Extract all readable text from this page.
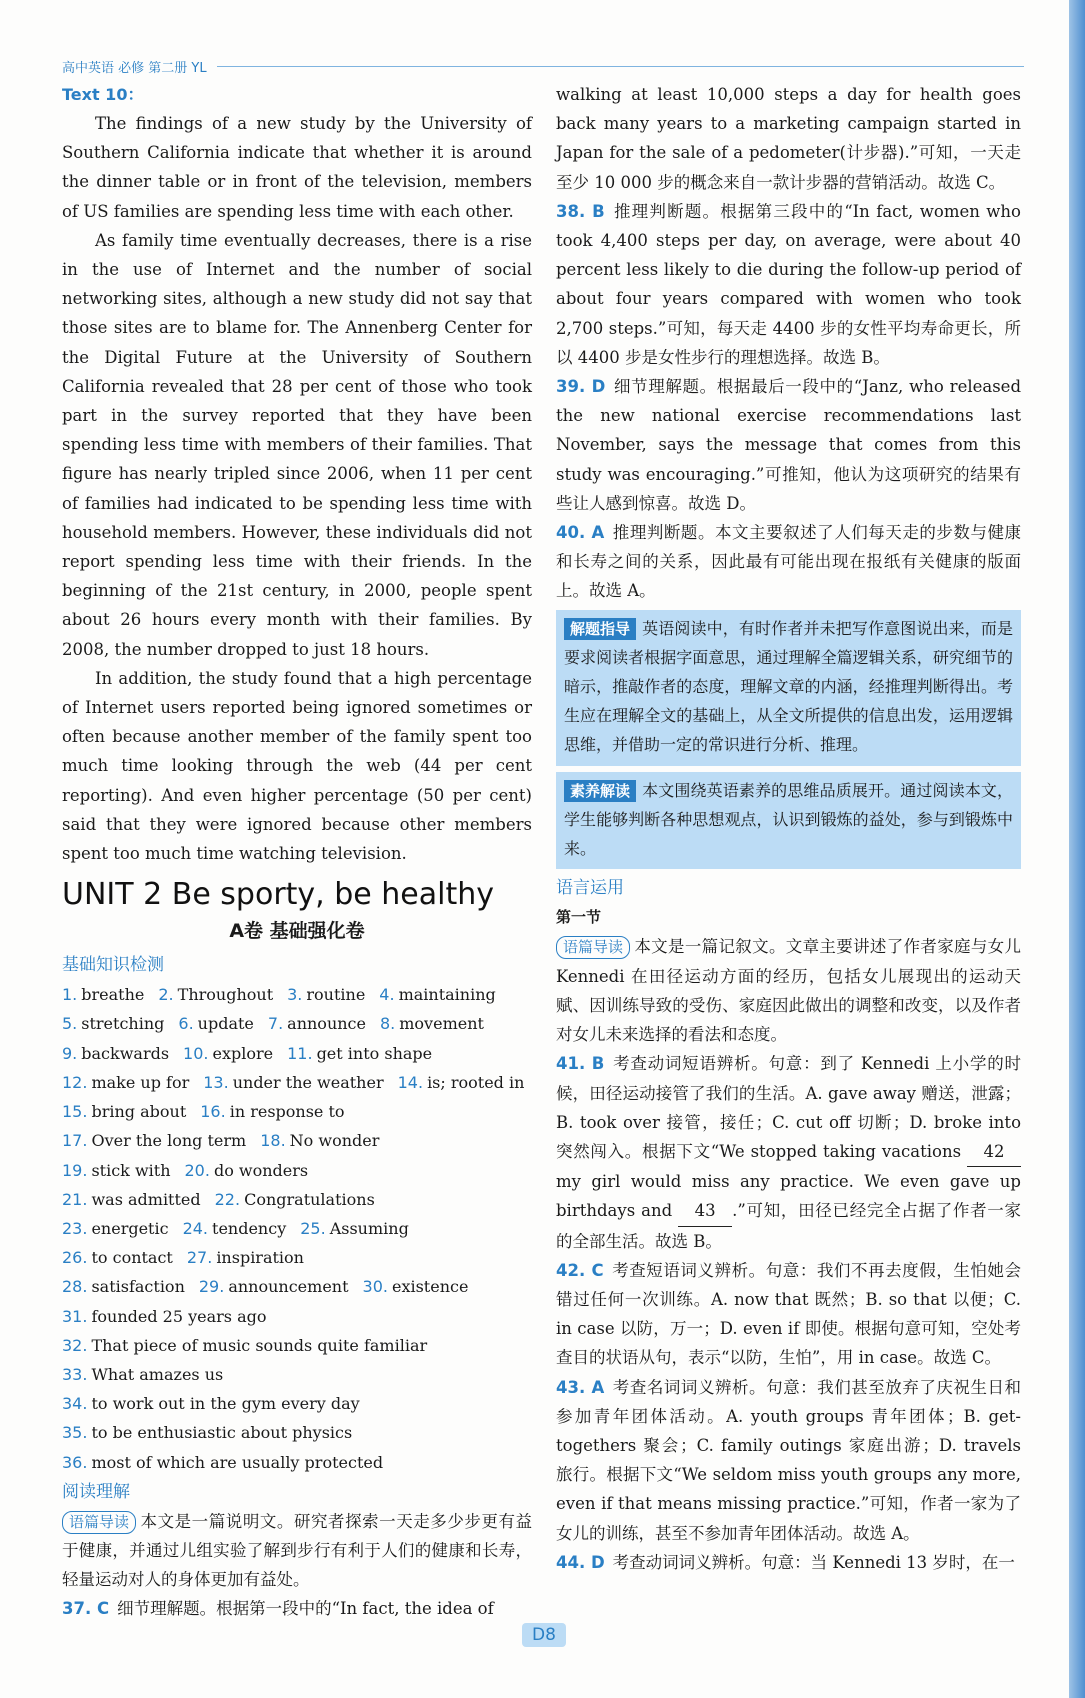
高中英语 必修 第二册 YL
Text 10：

The findings of a new study by the University of Southern California indicate that whether it is around the dinner table or in front of the television, members of US families are spending less time with each other.

As family time eventually decreases, there is a rise in the use of Internet and the number of social networking sites, although a new study did not say that those sites are to blame for. The Annenberg Center for the Digital Future at the University of Southern California revealed that 28 per cent of those who took part in the survey reported that they have been spending less time with members of their families. That figure has nearly tripled since 2006, when 11 per cent of families had indicated to be spending less time with household members. However, these individuals did not report spending less time with their friends. In the beginning of the 21st century, in 2000, people spent about 26 hours every month with their families. By 2008, the number dropped to just 18 hours.

In addition, the study found that a high percentage of Internet users reported being ignored sometimes or often because another member of the family spent too much time looking through the web (44 per cent reporting). And even higher percentage (50 per cent) said that they were ignored because other members spent too much time watching television.

UNIT 2 Be sporty, be healthy
A卷 基础强化卷
基础知识检测
1. breathe 2. Throughout 3. routine 4. maintaining
5. stretching 6. update 7. announce 8. movement
9. backwards 10. explore 11. get into shape
12. make up for 13. under the weather 14. is; rooted in
15. bring about 16. in response to
17. Over the long term 18. No wonder
19. stick with 20. do wonders
21. was admitted 22. Congratulations
23. energetic 24. tendency 25. Assuming
26. to contact 27. inspiration
28. satisfaction 29. announcement 30. existence
31. founded 25 years ago
32. That piece of music sounds quite familiar
33. What amazes us
34. to work out in the gym every day
35. to be enthusiastic about physics
36. most of which are usually protected
阅读理解
语篇导读 本文是一篇说明文。研究者探索一天走多少步更有益于健康，并通过儿组实验了解到步行有利于人们的健康和长寿，轻量运动对人的身体更加有益处。
37. C 细节理解题。根据第一段中的“In fact, the idea of
walking at least 10,000 steps a day for health goes back many years to a marketing campaign started in Japan for the sale of a pedometer(计步器).”可知，一天走至少 10 000 步的概念来自一款计步器的营销活动。故选 C。
38. B 推理判断题。根据第三段中的“In fact, women who took 4,400 steps per day, on average, were about 40 percent less likely to die during the follow-up period of about four years compared with women who took 2,700 steps.”可知，每天走 4400 步的女性平均寿命更长，所以 4400 步是女性步行的理想选择。故选 B。
39. D 细节理解题。根据最后一段中的“Janz, who released the new national exercise recommendations last November, says the message that comes from this study was encouraging.”可推知，他认为这项研究的结果有些让人感到惊喜。故选 D。
40. A 推理判断题。本文主要叙述了人们每天走的步数与健康和长寿之间的关系，因此最有可能出现在报纸有关健康的版面上。故选 A。
解题指导 英语阅读中，有时作者并未把写作意图说出来，而是要求阅读者根据字面意思，通过理解全篇逻辑关系，研究细节的暗示，推敲作者的态度，理解文章的内涵，经推理判断得出。考生应在理解全文的基础上，从全文所提供的信息出发，运用逻辑思维，并借助一定的常识进行分析、推理。
素养解读 本文围绕英语素养的思维品质展开。通过阅读本文，学生能够判断各种思想观点，认识到锻炼的益处，参与到锻炼中来。
语言运用
第一节
语篇导读 本文是一篇记叙文。文章主要讲述了作者家庭与女儿 Kennedi 在田径运动方面的经历，包括女儿展现出的运动天赋、因训练导致的受伤、家庭因此做出的调整和改变，以及作者对女儿未来选择的看法和态度。
41. B 考查动词短语辨析。句意：到了 Kennedi 上小学的时候，田径运动接管了我们的生活。A. gave away 赠送，泄露；B. took over 接管，接任；C. cut off 切断；D. broke into 突然闯入。根据下文“We stopped taking vacations 42 my girl would miss any practice. We even gave up birthdays and 43 .”可知，田径已经完全占据了作者一家的全部生活。故选 B。
42. C 考查短语词义辨析。句意：我们不再去度假，生怕她会错过任何一次训练。A. now that 既然；B. so that 以便；C. in case 以防，万一；D. even if 即使。根据句意可知，空处考查目的状语从句，表示“以防，生怕”，用 in case。故选 C。
43. A 考查名词词义辨析。句意：我们甚至放弃了庆祝生日和参加青年团体活动。A. youth groups 青年团体；B. get-togethers 聚会；C. family outings 家庭出游；D. travels 旅行。根据下文“We seldom miss youth groups any more, even if that means missing practice.”可知，作者一家为了女儿的训练，甚至不参加青年团体活动。故选 A。
44. D 考查动词词义辨析。句意：当 Kennedi 13 岁时，在一
D8
